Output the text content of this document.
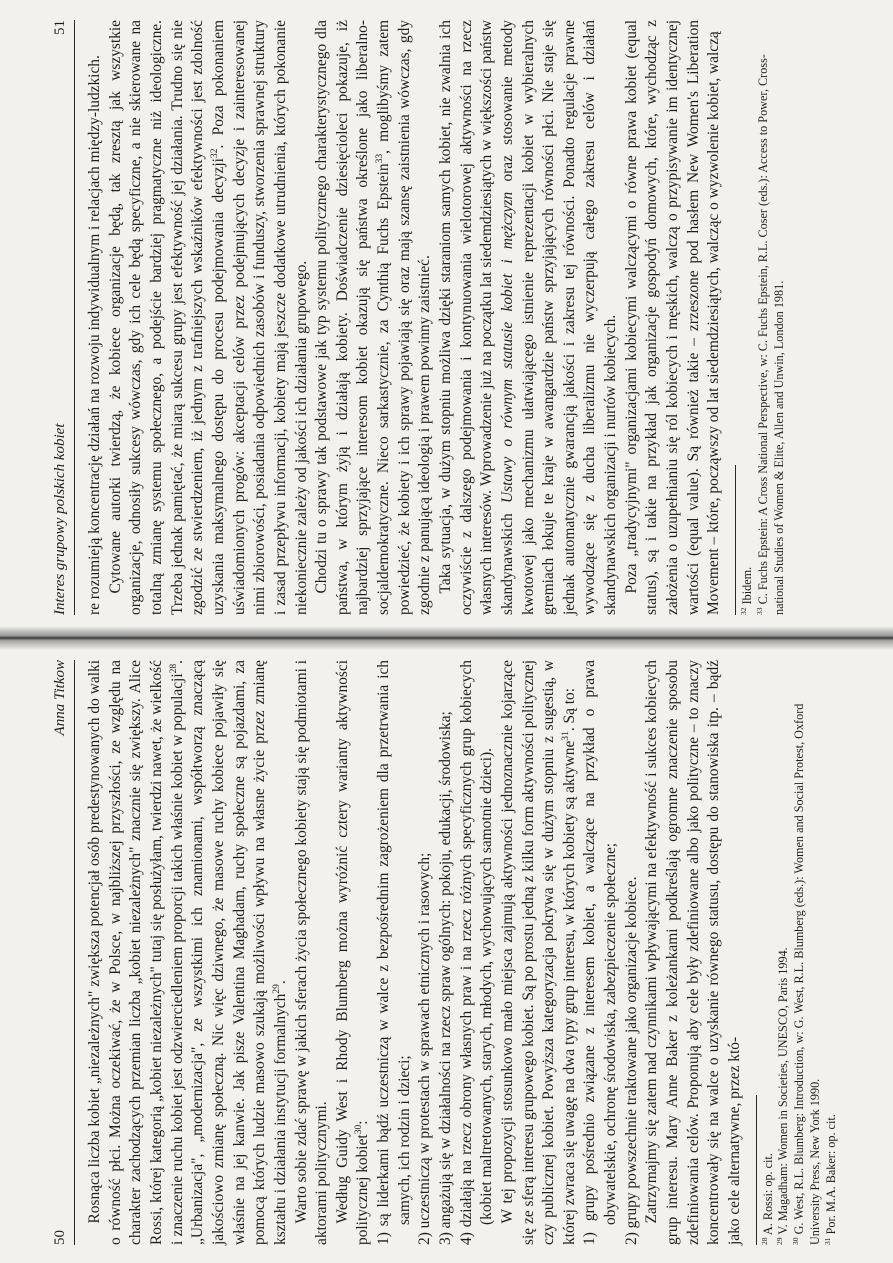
Interes grupowy polskich kobiet
51

re rozumieją koncentrację działań na rozwoju indywidualnym i relacjach między-ludzkich. Cytowane autorki twierdzą, że kobiece organizacje będą, tak zresztą jak wszystkie organizacje, odnosiły sukcesy wówczas, gdy ich cele będą specyficzne, a nie skierowane na totalną zmianę systemu społecznego, a podejście bardziej pragmatyczne niż ideologiczne. Trzeba jednak pamiętać, że miarą sukcesu grupy jest efektywność jej działania. Trudno się nie zgodzić ze stwierdzeniem, iż jednym z trafniejszych wskaźników efektywności jest zdolność uzyskania maksymalnego dostępu do procesu podejmowania decyzji$^{32}$. Poza pokonaniem uświadomionych progów: akceptacji celów przez podejmujących decyzje i zainteresowanej nimi zbiorowości, posiadania odpowiednich zasobów i funduszy, stworzenia sprawnej struktury i zasad przepływu informacji, kobiety mają jeszcze dodatkowe utrudnienia, których pokonanie niekoniecznie zależy od jakości ich działania grupowego. Chodzi tu o sprawy tak podstawowe jak typ systemu politycznego charakterystycznego dla państwa, w którym żyją i działają kobiety. Doświadczenie dziesięcioleci pokazuje, iż najbardziej sprzyjające interesom kobiet okazują się państwa określone jako liberalno-socjaldemokratyczne. Nieco sarkastycznie, za Cynthią Fuchs Epstein$^{33}$, moglibyśmy zatem powiedzieć, że kobiety i ich sprawy pojawiają się oraz mają szansę zaistnienia wówczas, gdy zgodnie z panującą ideologią i prawem powinny zaistnieć. Taka sytuacja, w dużym stopniu możliwa dzięki staraniom samych kobiet, nie zwalnia ich oczywiście z dalszego podejmowania i kontynuowania wielotorowej aktywności na rzecz własnych interesów. Wprowadzenie już na początku lat siedemdziesiątych w większości państw skandynawskich Ustawy o równym statusie kobiet i mężczyzn oraz stosowanie metody kwotowej jako mechanizmu ułatwiającego istnienie reprezentacji kobiet w wybieralnych gremiach łokuje te kraje w awangardzie państw sprzyjających równości płci. Nie staje się jednak automatycznie gwarancją jakości i zakresu tej równości. Ponadto regulacje prawne wywodzące się z ducha liberalizmu nie wyczerpują całego zakresu celów i działań skandynawskich organizacji i nurtów kobiecych. Poza „tradycyjnymi" organizacjami kobiecymi walczącymi o równe prawa kobiet (equal status), są i takie na przykład jak organizacje gospodyń domowych, które, wychodząc z założenia o uzupełnianiu się ról kobiecych i męskich, walczą o przypisywanie im identycznej wartości (equal value). Są również takie – zrzeszone pod hasłem New Women's Liberation Movement – które, począwszy od lat siedemdziesiątych, walcząc o wyzwolenie kobiet, walczą	$^{32}$ Ibidem.
$^{33}$ C. Fuchs Epstein: A Cross National Perspective, w: C. Fuchs Epstein, R.L. Coser (eds.): Access to Power, Cross-national Studies of Women & Elite, Allen and Unwin, London 1981.
50
Anna Titkow Rosnąca liczba kobiet „niezależnych" zwiększa potencjał osób predestynowanych do walki o równość płci. Można oczekiwać, że w Polsce, w najbliższej przyszłości, ze względu na charakter zachodzących przemian liczba „kobiet niezależnych" znacznie się zwiększy. Alice Rossi, której kategorią „kobiet niezależnych" tutaj się posłużyłam, twierdzi nawet, że wielkość i znaczenie ruchu kobiet jest odzwierciedleniem proporcji takich właśnie kobiet w populacji$^{28}$. „Urbanizacja", „modernizacja", ze wszystkimi ich znamionami, współtworzą znaczącą jakościowo zmianę społeczną. Nic więc dziwnego, że masowe ruchy kobiece pojawiły się właśnie na jej kanwie. Jak pisze Valentina Maghadam, ruchy społeczne są pojazdami, za pomocą których ludzie masowo szukają możliwości wpływu na własne życie przez zmianę kształtu i działania instytucji formalnych$^{29}$. Warto sobie zdać sprawę w jakich sferach życia społecznego kobiety stają się podmiotami i aktorami politycznymi. Według Guidy West i Rhody Blumberg można wyróżnić cztery warianty aktywności politycznej kobiet$^{30}$: 1) są liderkami bądź uczestniczą w walce z bezpośrednim zagrożeniem dla przetrwania ich samych, ich rodzin i dzieci; 2) uczestniczą w protestach w sprawach etnicznych i rasowych; 3) angażują się w działalności na rzecz spraw ogólnych: pokoju, edukacji, środowiska; 4) działają na rzecz obrony własnych praw i na rzecz różnych specyficznych grup kobiecych (kobiet maltretowanych, starych, młodych, wychowujących samotnie dzieci). W tej propozycji stosunkowo mało miejsca zajmują aktywności jednoznacznie kojarzące się ze sferą interesu grupowego kobiet. Są po prostu jedną z kilku form aktywności politycznej czy publicznej kobiet. Powyższa kategoryzacja pokrywa się w dużym stopniu z sugestią, w której zwraca się uwagę na dwa typy grup interesu, w których kobiety są aktywne$^{31}$. Są to: 1) grupy pośrednio związane z interesem kobiet, a walczące na przykład o prawa obywatelskie, ochronę środowiska, zabezpieczenie społeczne; 2) grupy powszechnie traktowane jako organizacje kobiece. Zatrzymajmy się zatem nad czynnikami wpływającymi na efektywność i sukces kobiecych grup interesu. Mary Anne Baker z koleżankami podkreślają ogromne znaczenie sposobu zdefiniowania celów. Proponują aby cele były zdefiniowane albo jako polityczne – to znaczy koncentrowały się na walce o uzyskanie równego statusu, dostępu do stanowiska itp. – bądź jako cele alternatywne, przez któ-	$^{28}$ A. Rossi: op. cit.
$^{29}$ V. Magadham: Women in Societies, UNESCO, Paris 1994.
$^{30}$ G. West, R.L. Blumberg: Introduction, w: G. West, R.L. Blumberg (eds.): Women and Social Protest, Oxford University Press, New York 1990. $^{31}$ Por. M.A. Baker: op. cit.
